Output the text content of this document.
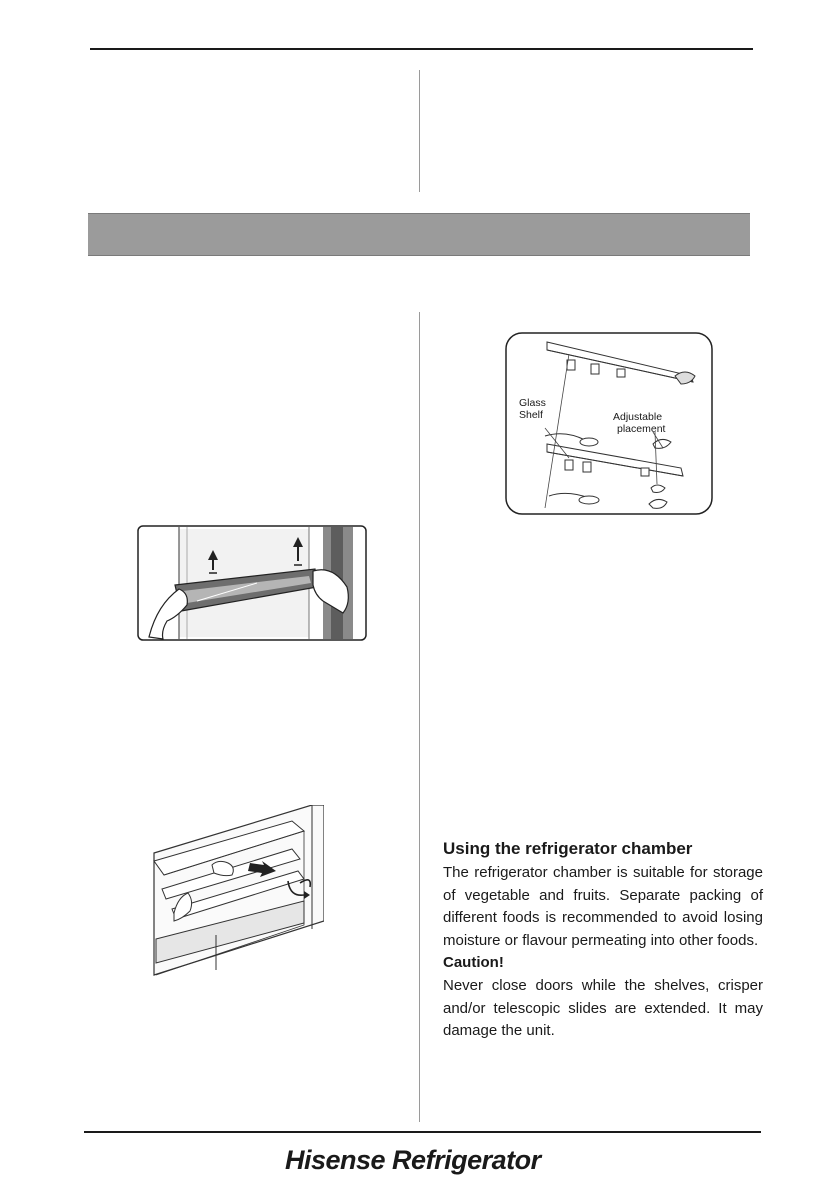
Glass
Shelf	Adjustable
placement
Using the refrigerator chamber

The refrigerator chamber is suitable for storage of vegetable and fruits. Separate packing of different foods is recommended to avoid losing moisture or flavour permeating into other foods.

Caution!

Never close doors while the shelves, crisper and/or telescopic slides are extended. It may damage the unit.

Hisense Refrigerator
